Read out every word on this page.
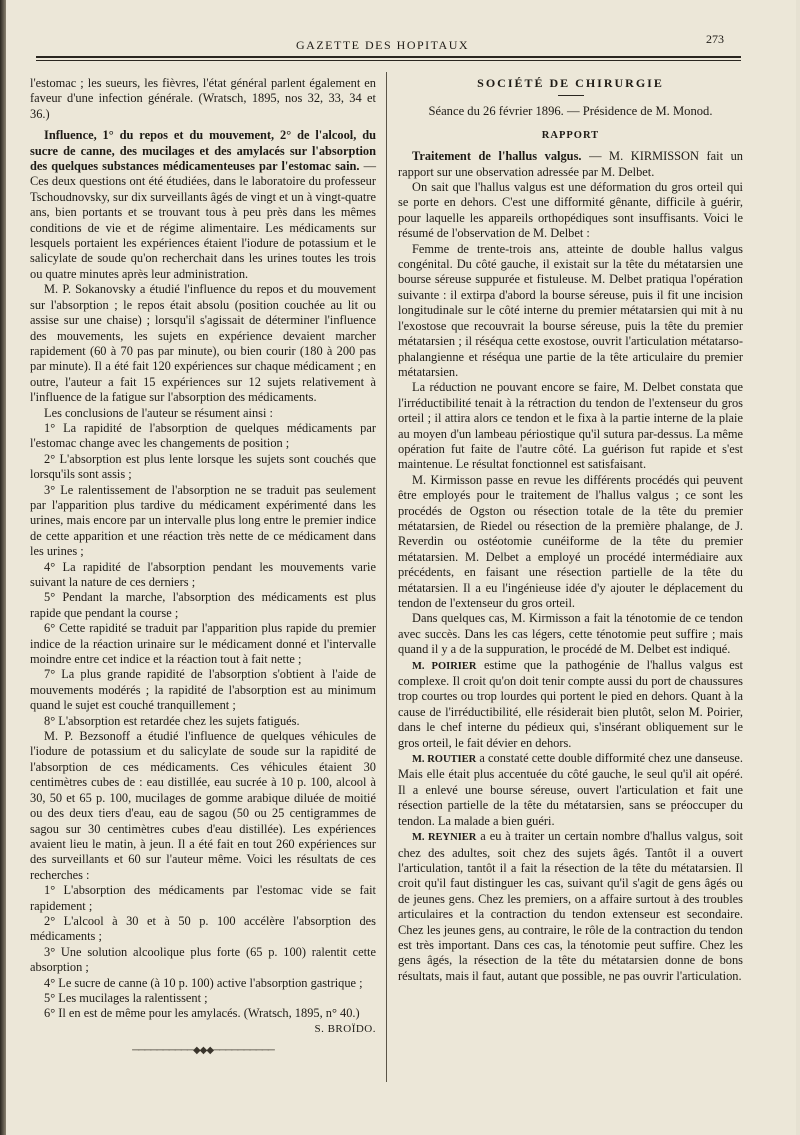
GAZETTE DES HOPITAUX	273

l'estomac ; les sueurs, les fièvres, l'état général parlent également en faveur d'une infection générale. (Wratsch, 1895, nos 32, 33, 34 et 36.)

Influence, 1° du repos et du mouvement, 2° de l'alcool, du sucre de canne, des mucilages et des amylacés sur l'absorption des quelques substances médicamenteuses par l'estomac sain. — Ces deux questions ont été étudiées, dans le laboratoire du professeur Tschoudnovsky, sur dix surveillants âgés de vingt et un à vingt-quatre ans, bien portants et se trouvant tous à peu près dans les mêmes conditions de vie et de régime alimentaire. Les médicaments sur lesquels portaient les expériences étaient l'iodure de potassium et le salicylate de soude qu'on recherchait dans les urines toutes les trois ou quatre minutes après leur administration.

M. P. Sokanovsky a étudié l'influence du repos et du mouvement sur l'absorption ; le repos était absolu (position couchée au lit ou assise sur une chaise) ; lorsqu'il s'agissait de déterminer l'influence des mouvements, les sujets en expérience devaient marcher rapidement (60 à 70 pas par minute), ou bien courir (180 à 200 pas par minute). Il a été fait 120 expériences sur chaque médicament ; en outre, l'auteur a fait 15 expériences sur 12 sujets relativement à l'influence de la fatigue sur l'absorption des médicaments.

Les conclusions de l'auteur se résument ainsi :

1° La rapidité de l'absorption de quelques médicaments par l'estomac change avec les changements de position ;

2° L'absorption est plus lente lorsque les sujets sont couchés que lorsqu'ils sont assis ;

3° Le ralentissement de l'absorption ne se traduit pas seulement par l'apparition plus tardive du médicament expérimenté dans les urines, mais encore par un intervalle plus long entre le premier indice de cette apparition et une réaction très nette de ce médicament dans les urines ;

4° La rapidité de l'absorption pendant les mouvements varie suivant la nature de ces derniers ;

5° Pendant la marche, l'absorption des médicaments est plus rapide que pendant la course ;

6° Cette rapidité se traduit par l'apparition plus rapide du premier indice de la réaction urinaire sur le médicament donné et l'intervalle moindre entre cet indice et la réaction tout à fait nette ;

7° La plus grande rapidité de l'absorption s'obtient à l'aide de mouvements modérés ; la rapidité de l'absorption est au minimum quand le sujet est couché tranquillement ;

8° L'absorption est retardée chez les sujets fatigués.

M. P. Bezsonoff a étudié l'influence de quelques véhicules de l'iodure de potassium et du salicylate de soude sur la rapidité de l'absorption de ces médicaments. Ces véhicules étaient 30 centimètres cubes de : eau distillée, eau sucrée à 10 p. 100, alcool à 30, 50 et 65 p. 100, mucilages de gomme arabique diluée de moitié ou des deux tiers d'eau, eau de sagou (50 ou 25 centigrammes de sagou sur 30 centimètres cubes d'eau distillée). Les expériences avaient lieu le matin, à jeun. Il a été fait en tout 260 expériences sur des surveillants et 60 sur l'auteur même. Voici les résultats de ces recherches :

1° L'absorption des médicaments par l'estomac vide se fait rapidement ;

2° L'alcool à 30 et à 50 p. 100 accélère l'absorption des médicaments ;

3° Une solution alcoolique plus forte (65 p. 100) ralentit cette absorption ;

4° Le sucre de canne (à 10 p. 100) active l'absorption gastrique ;

5° Les mucilages la ralentissent ;

6° Il en est de même pour les amylacés. (Wratsch, 1895, n° 40.)

S. BROÏDO.
──────────◆◆◆──────────
SOCIÉTÉ DE CHIRURGIE
Séance du 26 février 1896. — Présidence de M. Monod.
RAPPORT

Traitement de l'hallus valgus. — M. KIRMISSON fait un rapport sur une observation adressée par M. Delbet.

On sait que l'hallus valgus est une déformation du gros orteil qui se porte en dehors. C'est une difformité gênante, difficile à guérir, pour laquelle les appareils orthopédiques sont insuffisants. Voici le résumé de l'observation de M. Delbet :

Femme de trente-trois ans, atteinte de double hallus valgus congénital. Du côté gauche, il existait sur la tête du métatarsien une bourse séreuse suppurée et fistuleuse. M. Delbet pratiqua l'opération suivante : il extirpa d'abord la bourse séreuse, puis il fit une incision longitudinale sur le côté interne du premier métatarsien qui mit à nu l'exostose que recouvrait la bourse séreuse, puis la tête du premier métatarsien ; il réséqua cette exostose, ouvrit l'articulation métatarso-phalangienne et réséqua une partie de la tête articulaire du premier métatarsien.

La réduction ne pouvant encore se faire, M. Delbet constata que l'irréductibilité tenait à la rétraction du tendon de l'extenseur du gros orteil ; il attira alors ce tendon et le fixa à la partie interne de la plaie au moyen d'un lambeau périostique qu'il sutura par-dessus. La même opération fut faite de l'autre côté. La guérison fut rapide et s'est maintenue. Le résultat fonctionnel est satisfaisant.

M. Kirmisson passe en revue les différents procédés qui peuvent être employés pour le traitement de l'hallus valgus ; ce sont les procédés de Ogston ou résection totale de la tête du premier métatarsien, de Riedel ou résection de la première phalange, de J. Reverdin ou ostéotomie cunéiforme de la tête du premier métatarsien. M. Delbet a employé un procédé intermédiaire aux précédents, en faisant une résection partielle de la tête du métatarsien. Il a eu l'ingénieuse idée d'y ajouter le déplacement du tendon de l'extenseur du gros orteil.

Dans quelques cas, M. Kirmisson a fait la ténotomie de ce tendon avec succès. Dans les cas légers, cette ténotomie peut suffire ; mais quand il y a de la suppuration, le procédé de M. Delbet est indiqué.

M. POIRIER estime que la pathogénie de l'hallus valgus est complexe. Il croit qu'on doit tenir compte aussi du port de chaussures trop courtes ou trop lourdes qui portent le pied en dehors. Quant à la cause de l'irréductibilité, elle résiderait bien plutôt, selon M. Poirier, dans le chef interne du pédieux qui, s'insérant obliquement sur le gros orteil, le fait dévier en dehors.

M. ROUTIER a constaté cette double difformité chez une danseuse. Mais elle était plus accentuée du côté gauche, le seul qu'il ait opéré. Il a enlevé une bourse séreuse, ouvert l'articulation et fait une résection partielle de la tête du métatarsien, sans se préoccuper du tendon. La malade a bien guéri.

M. REYNIER a eu à traiter un certain nombre d'hallus valgus, soit chez des adultes, soit chez des sujets âgés. Tantôt il a ouvert l'articulation, tantôt il a fait la résection de la tête du métatarsien. Il croit qu'il faut distinguer les cas, suivant qu'il s'agit de gens âgés ou de jeunes gens. Chez les premiers, on a affaire surtout à des troubles articulaires et la contraction du tendon extenseur est secondaire. Chez les jeunes gens, au contraire, le rôle de la contraction du tendon est très important. Dans ces cas, la ténotomie peut suffire. Chez les gens âgés, la résection de la tête du métatarsien donne de bons résultats, mais il faut, autant que possible, ne pas ouvrir l'articulation.
